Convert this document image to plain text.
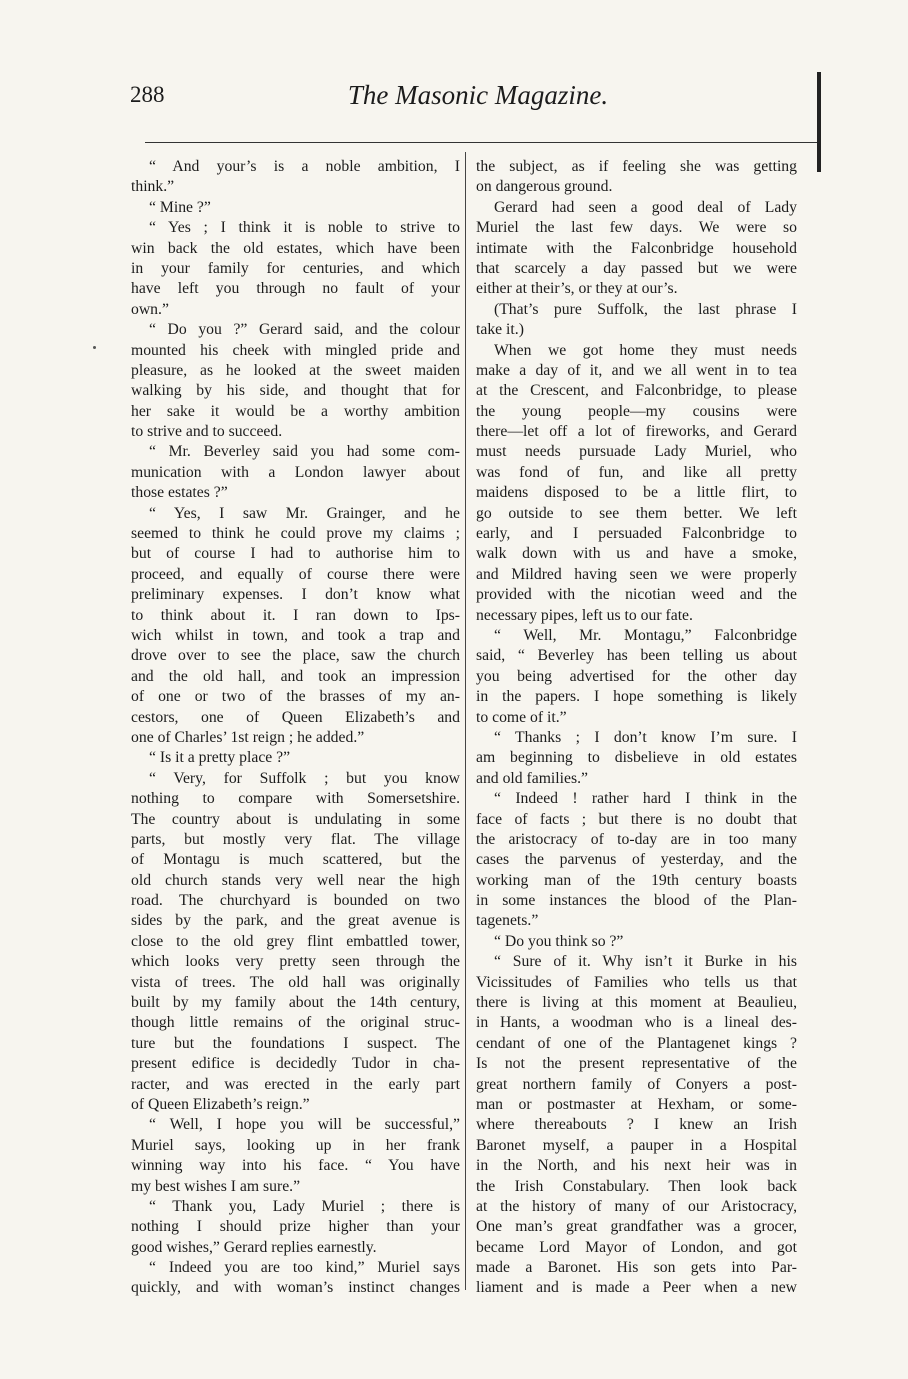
288	The Masonic Magazine.
“ And your’s is a noble ambition, I
think.”
“ Mine ?”
“ Yes ; I think it is noble to strive to
win back the old estates, which have been
in your family for centuries, and which
have left you through no fault of your
own.”
“ Do you ?” Gerard said, and the colour
mounted his cheek with mingled pride and
pleasure, as he looked at the sweet maiden
walking by his side, and thought that for
her sake it would be a worthy ambition
to strive and to succeed.
“ Mr. Beverley said you had some com-
munication with a London lawyer about
those estates ?”
“ Yes, I saw Mr. Grainger, and he
seemed to think he could prove my claims ;
but of course I had to authorise him to
proceed, and equally of course there were
preliminary expenses. I don’t know what
to think about it. I ran down to Ips-
wich whilst in town, and took a trap and
drove over to see the place, saw the church
and the old hall, and took an impression
of one or two of the brasses of my an-
cestors, one of Queen Elizabeth’s and
one of Charles’ 1st reign ; he added.”
“ Is it a pretty place ?”
“ Very, for Suffolk ; but you know
nothing to compare with Somersetshire.
The country about is undulating in some
parts, but mostly very flat. The village
of Montagu is much scattered, but the
old church stands very well near the high
road. The churchyard is bounded on two
sides by the park, and the great avenue is
close to the old grey flint embattled tower,
which looks very pretty seen through the
vista of trees. The old hall was originally
built by my family about the 14th century,
though little remains of the original struc-
ture but the foundations I suspect. The
present edifice is decidedly Tudor in cha-
racter, and was erected in the early part
of Queen Elizabeth’s reign.”
“ Well, I hope you will be successful,”
Muriel says, looking up in her frank
winning way into his face. “ You have
my best wishes I am sure.”
“ Thank you, Lady Muriel ; there is
nothing I should prize higher than your
good wishes,” Gerard replies earnestly.
“ Indeed you are too kind,” Muriel says
quickly, and with woman’s instinct changes
the subject, as if feeling she was getting
on dangerous ground.
Gerard had seen a good deal of Lady
Muriel the last few days. We were so
intimate with the Falconbridge household
that scarcely a day passed but we were
either at their’s, or they at our’s.
(That’s pure Suffolk, the last phrase I
take it.)
When we got home they must needs
make a day of it, and we all went in to tea
at the Crescent, and Falconbridge, to please
the young people—my cousins were
there—let off a lot of fireworks, and Gerard
must needs pursuade Lady Muriel, who
was fond of fun, and like all pretty
maidens disposed to be a little flirt, to
go outside to see them better. We left
early, and I persuaded Falconbridge to
walk down with us and have a smoke,
and Mildred having seen we were properly
provided with the nicotian weed and the
necessary pipes, left us to our fate.
“ Well, Mr. Montagu,” Falconbridge
said, “ Beverley has been telling us about
you being advertised for the other day
in the papers. I hope something is likely
to come of it.”
“ Thanks ; I don’t know I’m sure. I
am beginning to disbelieve in old estates
and old families.”
“ Indeed ! rather hard I think in the
face of facts ; but there is no doubt that
the aristocracy of to-day are in too many
cases the parvenus of yesterday, and the
working man of the 19th century boasts
in some instances the blood of the Plan-
tagenets.”
“ Do you think so ?”
“ Sure of it. Why isn’t it Burke in his
Vicissitudes of Families who tells us that
there is living at this moment at Beaulieu,
in Hants, a woodman who is a lineal des-
cendant of one of the Plantagenet kings ?
Is not the present representative of the
great northern family of Conyers a post-
man or postmaster at Hexham, or some-
where thereabouts ? I knew an Irish
Baronet myself, a pauper in a Hospital
in the North, and his next heir was in
the Irish Constabulary. Then look back
at the history of many of our Aristocracy,
One man’s great grandfather was a grocer,
became Lord Mayor of London, and got
made a Baronet. His son gets into Par-
liament and is made a Peer when a new
